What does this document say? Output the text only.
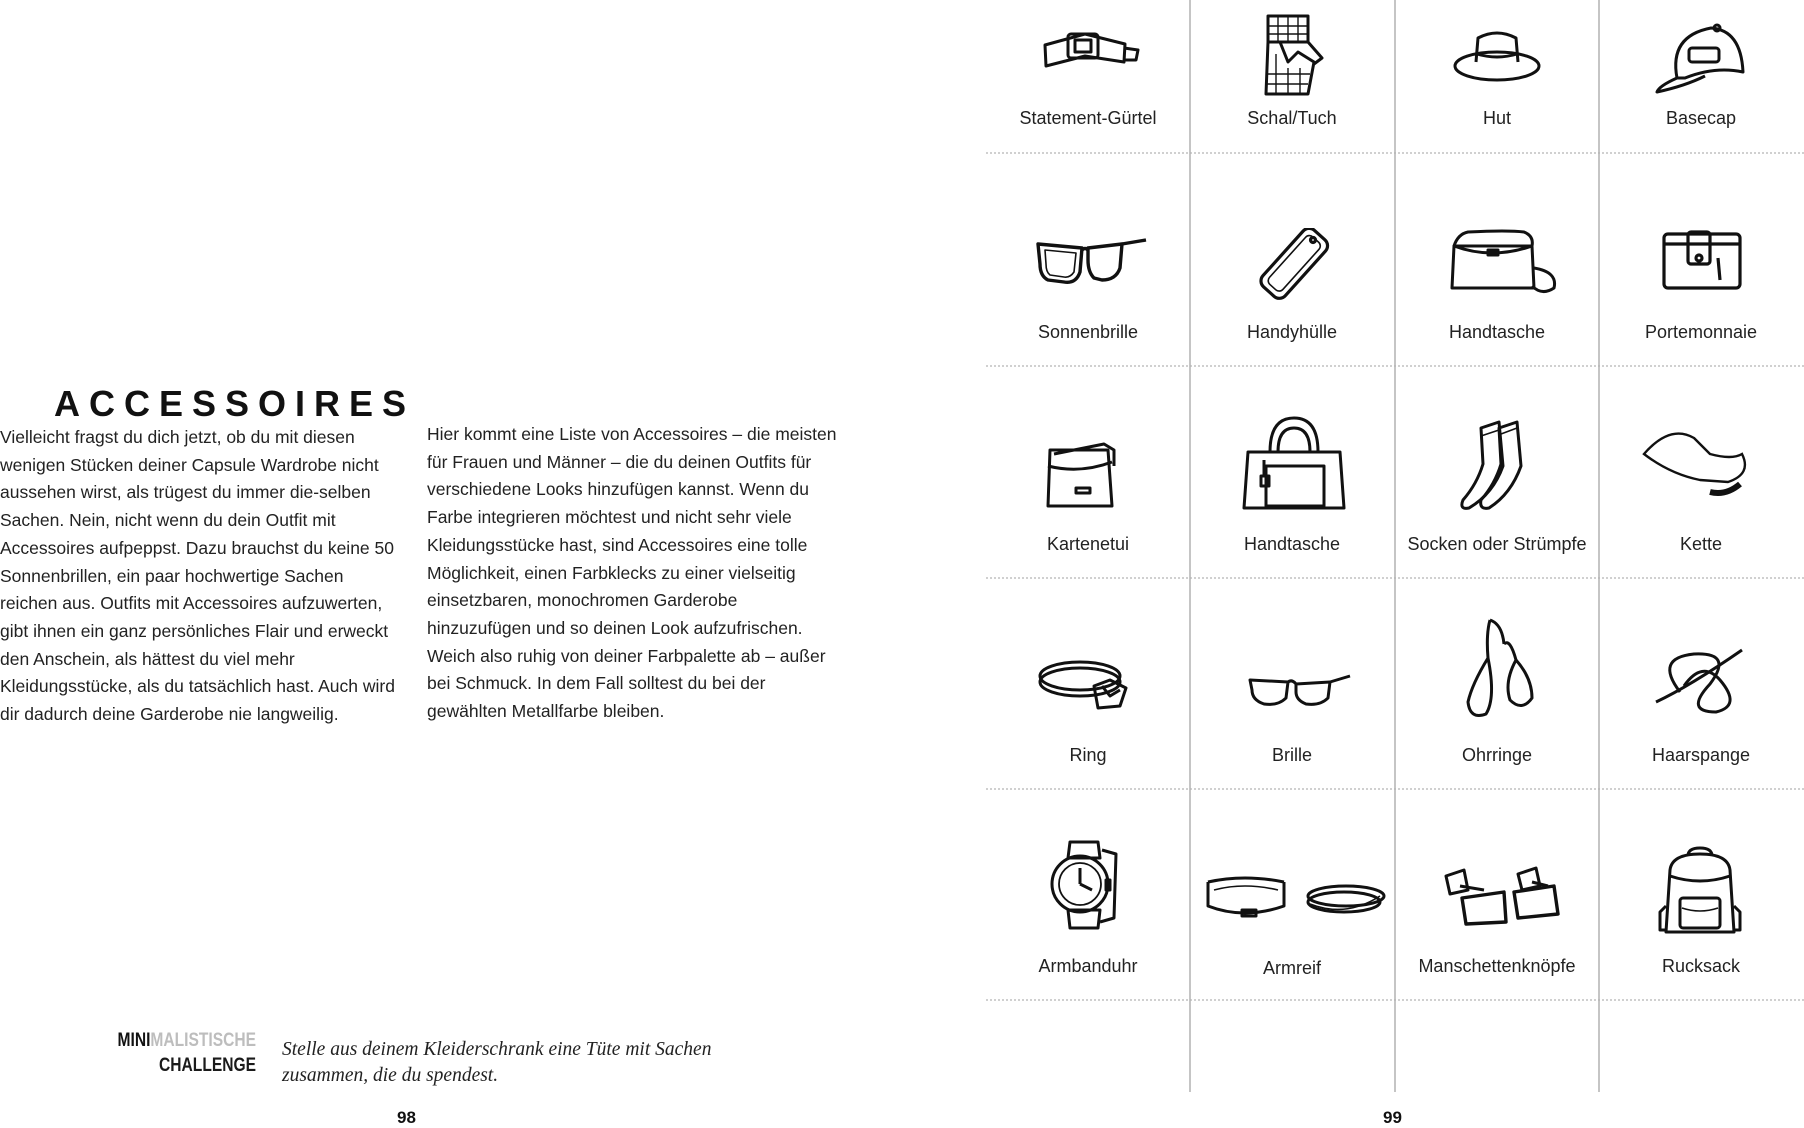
ACCESSOIRES

Vielleicht fragst du dich jetzt, ob du mit diesen wenigen Stücken deiner Capsule Wardrobe nicht aussehen wirst, als trügest du immer die-selben Sachen. Nein, nicht wenn du dein Outfit mit Accessoires aufpeppst. Dazu brauchst du keine 50 Sonnenbrillen, ein paar hochwertige Sachen reichen aus. Outfits mit Accessoires aufzuwerten, gibt ihnen ein ganz persönliches Flair und erweckt den Anschein, als hättest du viel mehr Kleidungsstücke, als du tatsächlich hast. Auch wird dir dadurch deine Garderobe nie langweilig.

Hier kommt eine Liste von Accessoires – die meisten für Frauen und Männer – die du deinen Outfits für verschiedene Looks hinzufügen kannst. Wenn du Farbe integrieren möchtest und nicht sehr viele Kleidungsstücke hast, sind Accessoires eine tolle Möglichkeit, einen Farbklecks zu einer vielseitig einsetzbaren, monochromen Garderobe hinzuzufügen und so deinen Look aufzufrischen. Weich also ruhig von deiner Farbpalette ab – außer bei Schmuck. In dem Fall solltest du bei der gewählten Metallfarbe bleiben.

MINIMALISTISCHE
CHALLENGE
Stelle aus deinem Kleiderschrank eine Tüte mit Sachen zusammen, die du spendest.
98	99
Statement-Gürtel	Schal/Tuch	Hut	Basecap
Sonnenbrille	Handyhülle	Handtasche	Portemonnaie
Kartenetui	Handtasche	Socken oder Strümpfe	Kette
Ring	Brille	Ohrringe	Haarspange
Armbanduhr	Armreif	Manschettenknöpfe	Rucksack
